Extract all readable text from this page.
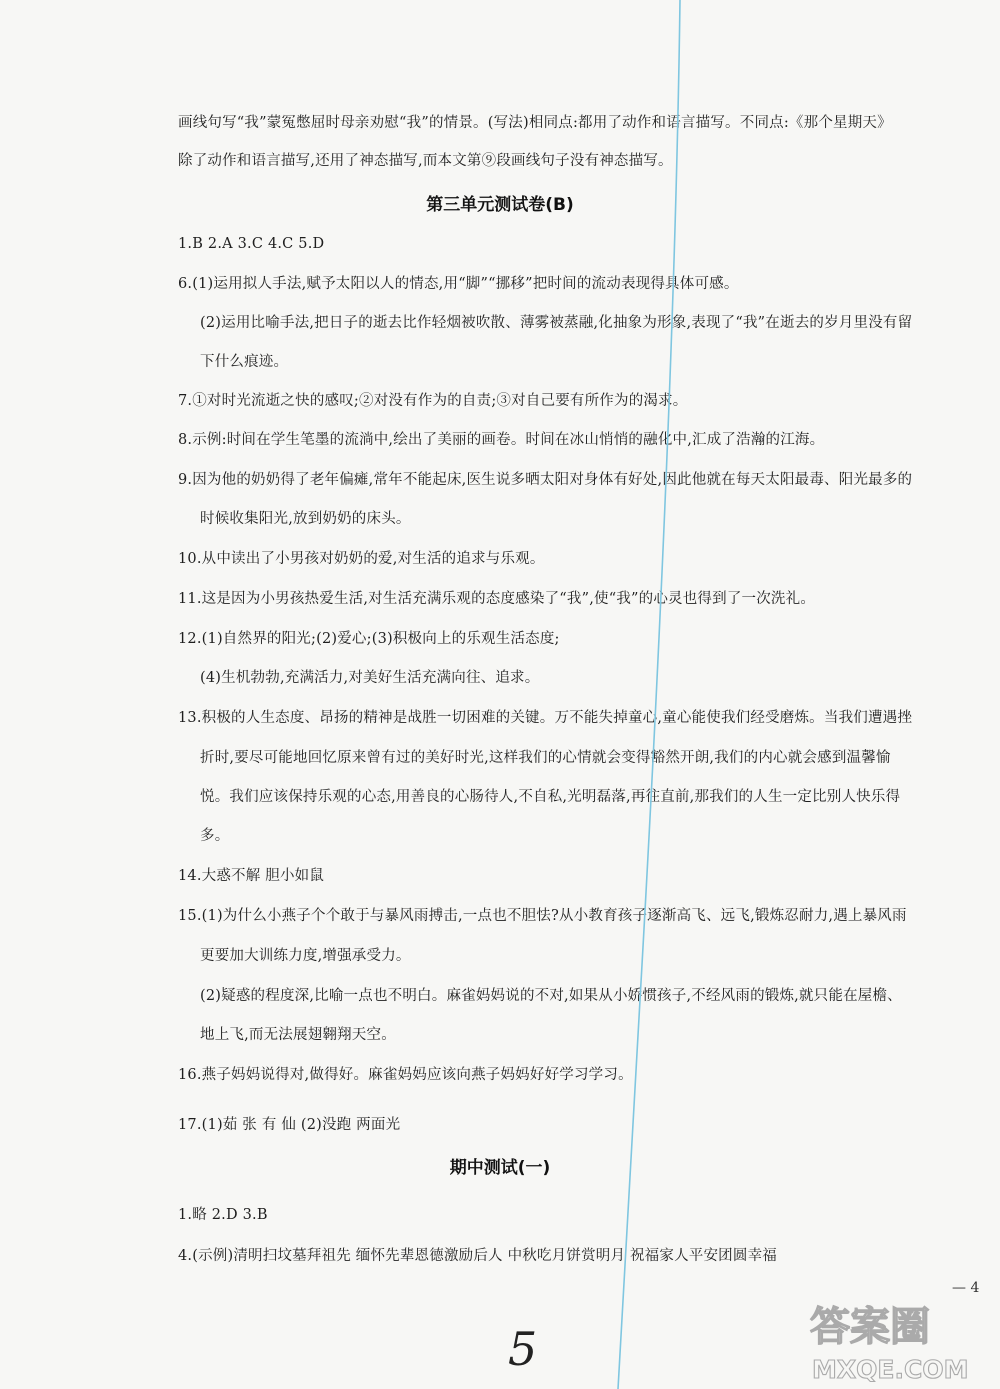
画线句写“我”蒙冤憋屈时母亲劝慰“我”的情景。(写法)相同点:都用了动作和语言描写。不同点:《那个星期天》
除了动作和语言描写,还用了神态描写,而本文第⑨段画线句子没有神态描写。
第三单元测试卷(B)
1.B 2.A 3.C 4.C 5.D
6.(1)运用拟人手法,赋予太阳以人的情态,用“脚”“挪移”把时间的流动表现得具体可感。
(2)运用比喻手法,把日子的逝去比作轻烟被吹散、薄雾被蒸融,化抽象为形象,表现了“我”在逝去的岁月里没有留
下什么痕迹。
7.①对时光流逝之快的感叹;②对没有作为的自责;③对自己要有所作为的渴求。
8.示例:时间在学生笔墨的流淌中,绘出了美丽的画卷。时间在冰山悄悄的融化中,汇成了浩瀚的江海。
9.因为他的奶奶得了老年偏瘫,常年不能起床,医生说多晒太阳对身体有好处,因此他就在每天太阳最毒、阳光最多的
时候收集阳光,放到奶奶的床头。
10.从中读出了小男孩对奶奶的爱,对生活的追求与乐观。
11.这是因为小男孩热爱生活,对生活充满乐观的态度感染了“我”,使“我”的心灵也得到了一次洗礼。
12.(1)自然界的阳光;(2)爱心;(3)积极向上的乐观生活态度;
(4)生机勃勃,充满活力,对美好生活充满向往、追求。
13.积极的人生态度、昂扬的精神是战胜一切困难的关键。万不能失掉童心,童心能使我们经受磨炼。当我们遭遇挫
折时,要尽可能地回忆原来曾有过的美好时光,这样我们的心情就会变得豁然开朗,我们的内心就会感到温馨愉
悦。我们应该保持乐观的心态,用善良的心肠待人,不自私,光明磊落,再往直前,那我们的人生一定比别人快乐得
多。
14.大惑不解 胆小如鼠
15.(1)为什么小燕子个个敢于与暴风雨搏击,一点也不胆怯?从小教育孩子逐渐高飞、远飞,锻炼忍耐力,遇上暴风雨
更要加大训练力度,增强承受力。
(2)疑惑的程度深,比喻一点也不明白。麻雀妈妈说的不对,如果从小娇惯孩子,不经风雨的锻炼,就只能在屋檐、
地上飞,而无法展翅翱翔天空。
16.燕子妈妈说得对,做得好。麻雀妈妈应该向燕子妈妈好好学习学习。
17.(1)茹 张 有 仙 (2)没跑 两面光
期中测试(一)
1.略 2.D 3.B
4.(示例)清明扫坟墓拜祖先 缅怀先辈恩德激励后人 中秋吃月饼赏明月 祝福家人平安团圆幸福
— 4
5	答案圈
MXQE.COM
